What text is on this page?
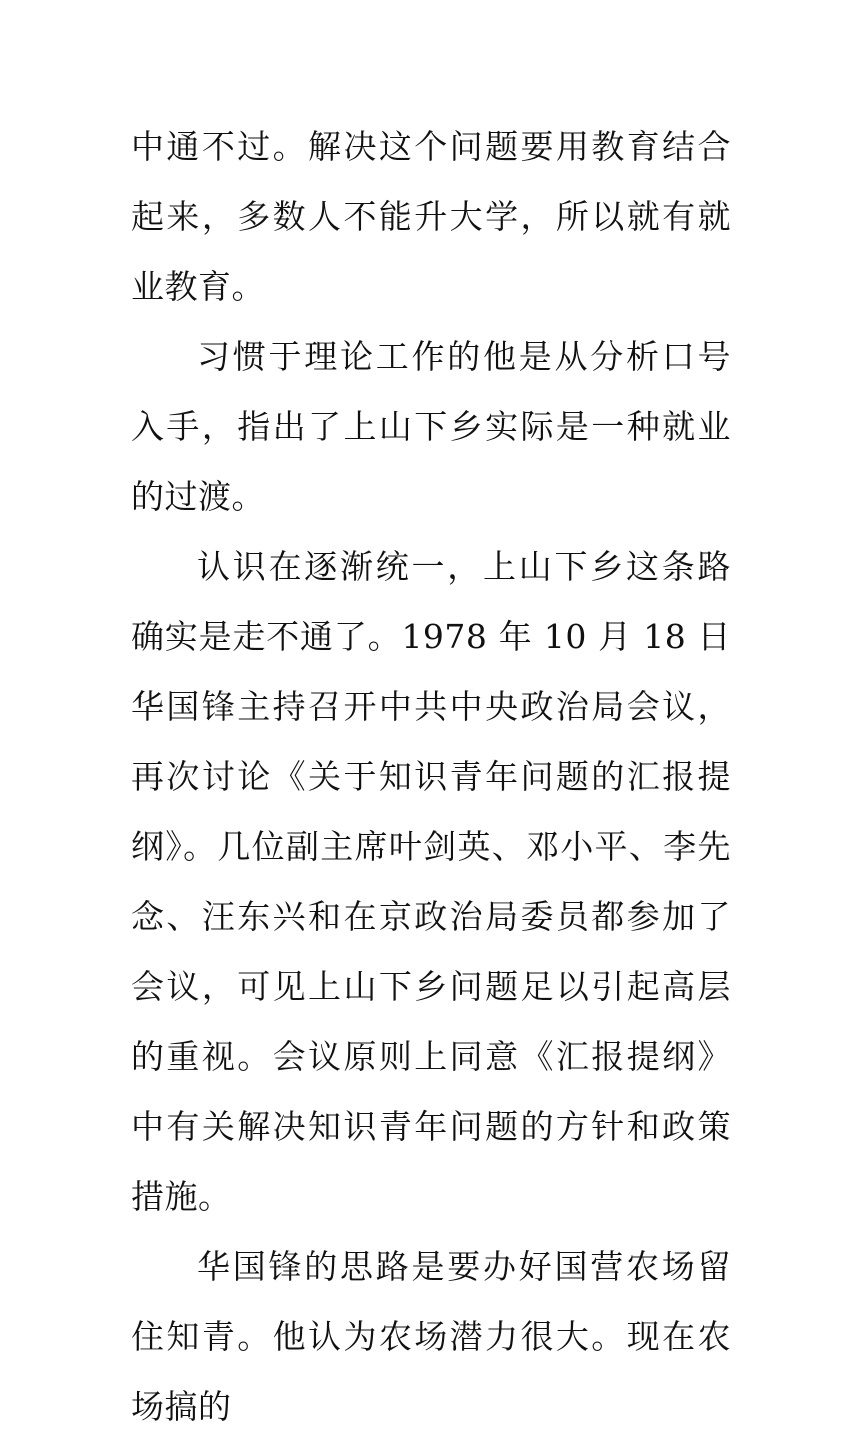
中通不过。解决这个问题要用教育结合起来，多数人不能升大学，所以就有就业教育。

习惯于理论工作的他是从分析口号入手，指出了上山下乡实际是一种就业的过渡。

认识在逐渐统一，上山下乡这条路确实是走不通了。1978 年 10 月 18 日华国锋主持召开中共中央政治局会议，再次讨论《关于知识青年问题的汇报提纲》。几位副主席叶剑英、邓小平、李先念、汪东兴和在京政治局委员都参加了会议，可见上山下乡问题足以引起高层的重视。会议原则上同意《汇报提纲》中有关解决知识青年问题的方针和政策措施。

华国锋的思路是要办好国营农场留住知青。他认为农场潜力很大。现在农场搞的
